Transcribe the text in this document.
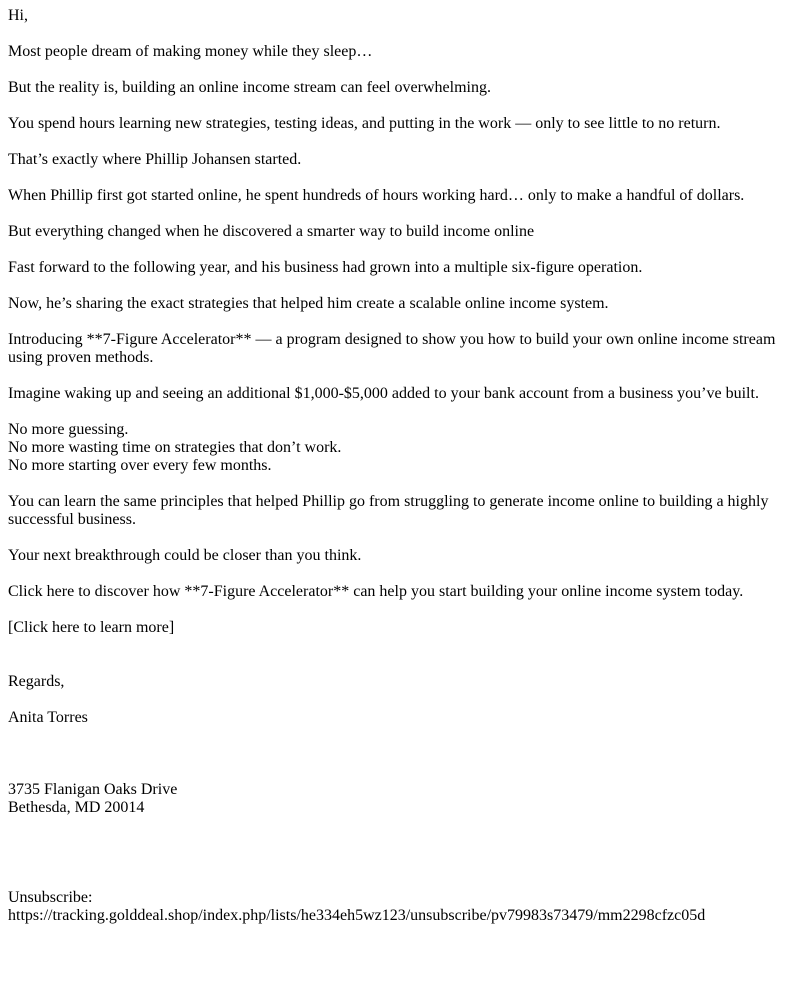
Hi,

Most people dream of making money while they sleep…

But the reality is, building an online income stream can feel overwhelming.

You spend hours learning new strategies, testing ideas, and putting in the work — only to see little to no return.

That’s exactly where Phillip Johansen started.

When Phillip first got started online, he spent hundreds of hours working hard… only to make a handful of dollars.

But everything changed when he discovered a smarter way to build income online

Fast forward to the following year, and his business had grown into a multiple six-figure operation.

Now, he’s sharing the exact strategies that helped him create a scalable online income system.

Introducing **7-Figure Accelerator** — a program designed to show you how to build your own online income stream using proven methods.

Imagine waking up and seeing an additional $1,000-$5,000 added to your bank account from a business you’ve built.

No more guessing.
No more wasting time on strategies that don’t work.
No more starting over every few months.

You can learn the same principles that helped Phillip go from struggling to generate income online to building a highly successful business.

Your next breakthrough could be closer than you think.

Click here to discover how **7-Figure Accelerator** can help you start building your online income system today.

[Click here to learn more]

Regards,

Anita Torres

3735 Flanigan Oaks Drive
Bethesda, MD 20014

Unsubscribe:
https://tracking.golddeal.shop/index.php/lists/he334eh5wz123/unsubscribe/pv79983s73479/mm2298cfzc05d
